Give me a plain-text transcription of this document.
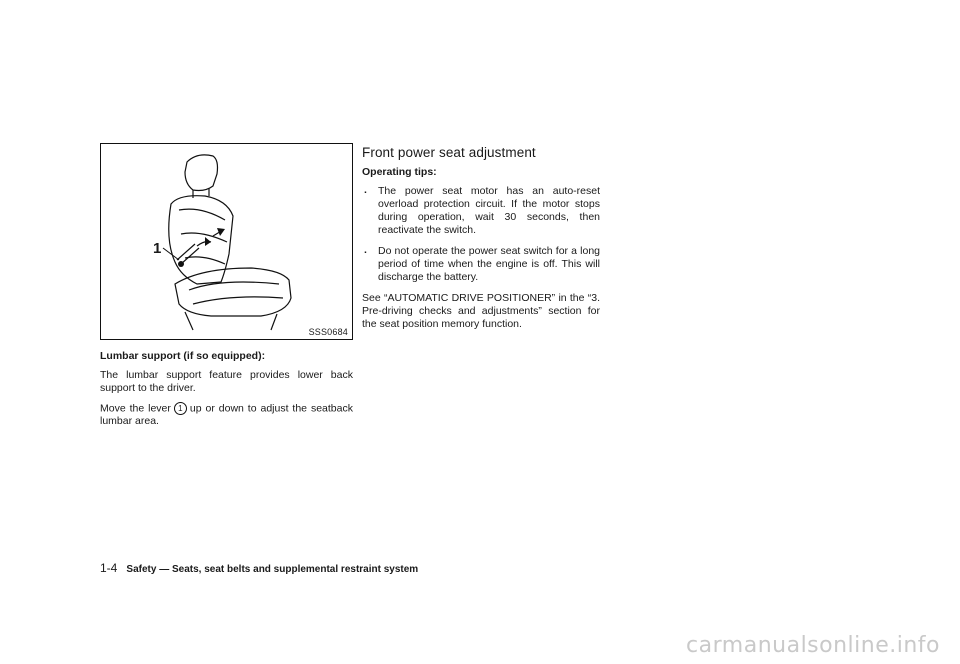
1
SSS0684
Lumbar support (if so equipped):

The lumbar support feature provides lower back support to the driver.

Move the lever 1 up or down to adjust the seatback lumbar area.

Front power seat adjustment
Operating tips:
. The power seat motor has an auto-reset overload protection circuit. If the motor stops during operation, wait 30 seconds, then reactivate the switch.
. Do not operate the power seat switch for a long period of time when the engine is off. This will discharge the battery.

See “AUTOMATIC DRIVE POSITIONER” in the “3. Pre-driving checks and adjustments” section for the seat position memory function.

1-4 Safety — Seats, seat belts and supplemental restraint system
carmanualsonline.info
